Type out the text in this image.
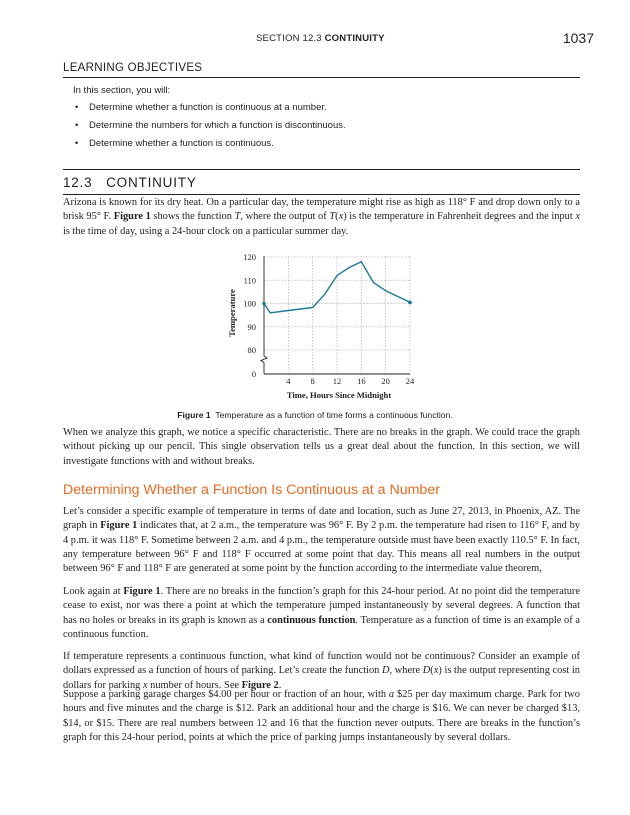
SECTION 12.3 CONTINUITY	1037
LEARNING OBJECTIVES
In this section, you will:
• Determine whether a function is continuous at a number.
• Determine the numbers for which a function is discontinuous.
• Determine whether a function is continuous.
12.3   CONTINUITY
Arizona is known for its dry heat. On a particular day, the temperature might rise as high as 118° F and drop down only to a brisk 95° F. Figure 1 shows the function T, where the output of T(x) is the temperature in Fahrenheit degrees and the input x is the time of day, using a 24-hour clock on a particular summer day.
4 8 12 16 20 24
120
110
100
90
80
0
Time, Hours Since Midnight
Temperature
Figure 1  Temperature as a function of time forms a continuous function.
When we analyze this graph, we notice a specific characteristic. There are no breaks in the graph. We could trace the graph without picking up our pencil. This single observation tells us a great deal about the function. In this section, we will investigate functions with and without breaks.
Determining Whether a Function Is Continuous at a Number
Let’s consider a specific example of temperature in terms of date and location, such as June 27, 2013, in Phoenix, AZ. The graph in Figure 1 indicates that, at 2 a.m., the temperature was 96° F. By 2 p.m. the temperature had risen to 116° F, and by 4 p.m. it was 118° F. Sometime between 2 a.m. and 4 p.m., the temperature outside must have been exactly 110.5° F. In fact, any temperature between 96° F and 118° F occurred at some point that day. This means all real numbers in the output between 96° F and 118° F are generated at some point by the function according to the intermediate value theorem,
Look again at Figure 1. There are no breaks in the function’s graph for this 24-hour period. At no point did the temperature cease to exist, nor was there a point at which the temperature jumped instantaneously by several degrees. A function that has no holes or breaks in its graph is known as a continuous function. Temperature as a function of time is an example of a continuous function.
If temperature represents a continuous function, what kind of function would not be continuous? Consider an example of dollars expressed as a function of hours of parking. Let’s create the function D, where D(x) is the output representing cost in dollars for parking x number of hours. See Figure 2.
Suppose a parking garage charges $4.00 per hour or fraction of an hour, with a $25 per day maximum charge. Park for two hours and five minutes and the charge is $12. Park an additional hour and the charge is $16. We can never be charged $13, $14, or $15. There are real numbers between 12 and 16 that the function never outputs. There are breaks in the function’s graph for this 24-hour period, points at which the price of parking jumps instantaneously by several dollars.
